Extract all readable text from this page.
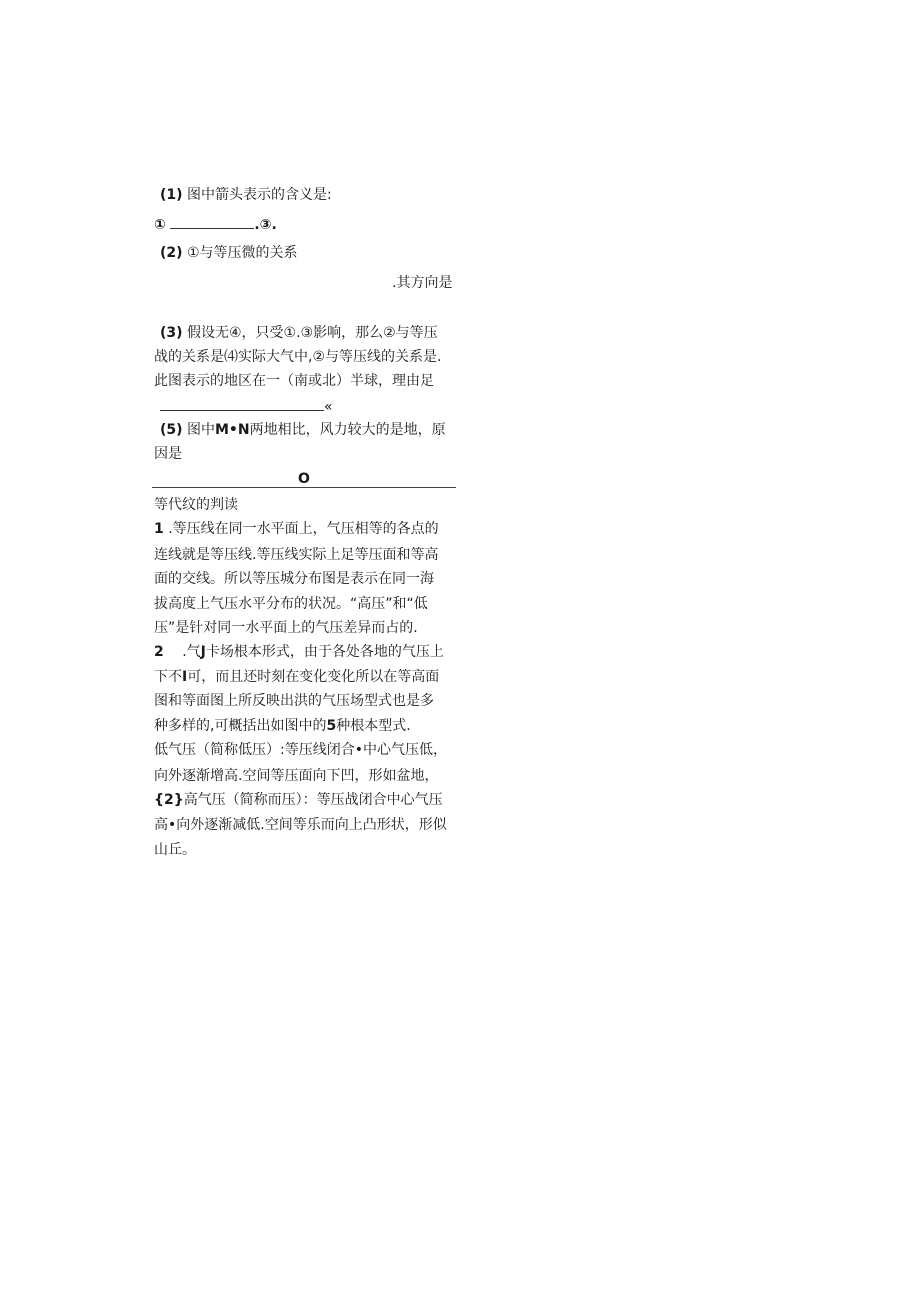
(1) 图中箭头表示的含义是:
①	.③.
(2) ①与等压微的关系
.其方向是
(3) 假设无④，只受①.③影响，那么②与等压
战的关系是⑷实际大气中,②与等压线的关系是.
此图表示的地区在一（南或北）半球，理由足
«
(5) 图中M•N两地相比，风力较大的是地，原
因是
O
等代纹的判读
1 .等压线在同一水平面上，气压相等的各点的
连线就是等压线.等压线实际上足等压面和等高
面的交线。所以等压城分布图是表示在同一海
拔高度上气压水平分布的状况。“高压”和“低
压”是针对同一水平面上的气压差异而占的.
2 .气J卡场根本形式，由于各处各地的气压上
下不I可，而且还时刻在变化变化所以在等高面
图和等面图上所反映出洪的气压场型式也是多
种多样的,可概括出如图中的5种根本型式.
低气压（简称低压）:等压线闭合•中心气压低，
向外逐渐增高.空间等压面向下凹，形如盆地，
{2}高气压（简称而压）：等压战闭合中心气压
高•向外逐渐减低.空间等乐而向上凸形状，形似
山丘。
